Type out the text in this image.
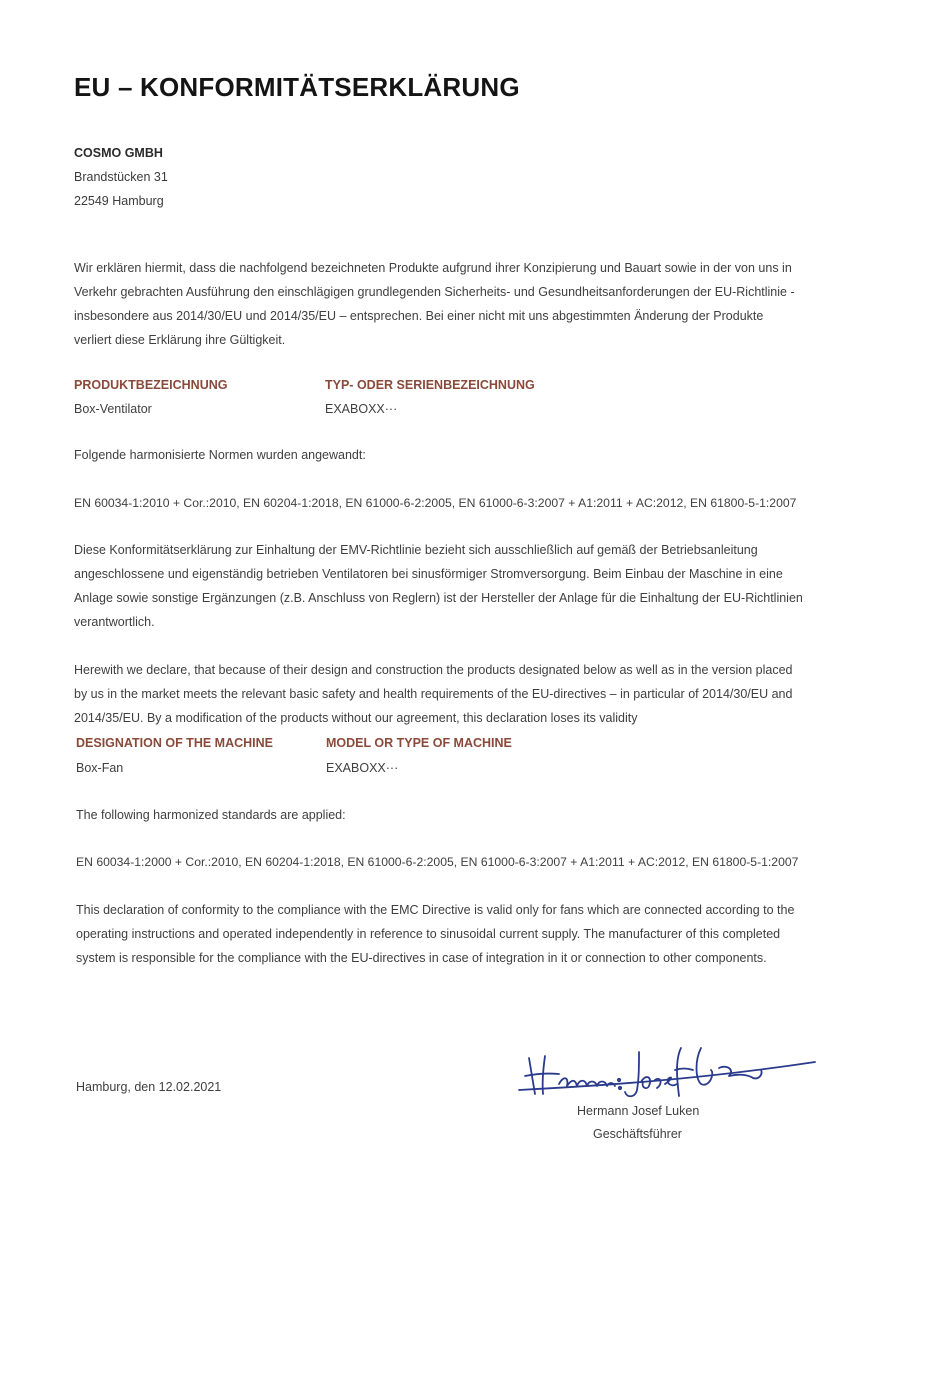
EU – KONFORMITÄTSERKLÄRUNG
COSMO GMBH
Brandstücken 31
22549 Hamburg
Wir erklären hiermit, dass die nachfolgend bezeichneten Produkte aufgrund ihrer Konzipierung und Bauart sowie in der von uns in
Verkehr gebrachten Ausführung den einschlägigen grundlegenden Sicherheits- und Gesundheitsanforderungen der EU-Richtlinie -
insbesondere aus 2014/30/EU und 2014/35/EU – entsprechen. Bei einer nicht mit uns abgestimmten Änderung der Produkte
verliert diese Erklärung ihre Gültigkeit.
PRODUKTBEZEICHNUNG	TYP- ODER SERIENBEZEICHNUNG
Box-Ventilator	EXABOXX···
Folgende harmonisierte Normen wurden angewandt:
EN 60034-1:2010 + Cor.:2010, EN 60204-1:2018, EN 61000-6-2:2005, EN 61000-6-3:2007 + A1:2011 + AC:2012, EN 61800-5-1:2007
Diese Konformitätserklärung zur Einhaltung der EMV-Richtlinie bezieht sich ausschließlich auf gemäß der Betriebsanleitung
angeschlossene und eigenständig betrieben Ventilatoren bei sinusförmiger Stromversorgung. Beim Einbau der Maschine in eine
Anlage sowie sonstige Ergänzungen (z.B. Anschluss von Reglern) ist der Hersteller der Anlage für die Einhaltung der EU-Richtlinien
verantwortlich.
Herewith we declare, that because of their design and construction the products designated below as well as in the version placed
by us in the market meets the relevant basic safety and health requirements of the EU-directives – in particular of 2014/30/EU and
2014/35/EU. By a modification of the products without our agreement, this declaration loses its validity
DESIGNATION OF THE MACHINE	MODEL OR TYPE OF MACHINE
Box-Fan	EXABOXX···
The following harmonized standards are applied:
EN 60034-1:2000 + Cor.:2010, EN 60204-1:2018, EN 61000-6-2:2005, EN 61000-6-3:2007 + A1:2011 + AC:2012, EN 61800-5-1:2007
This declaration of conformity to the compliance with the EMC Directive is valid only for fans which are connected according to the
operating instructions and operated independently in reference to sinusoidal current supply. The manufacturer of this completed
system is responsible for the compliance with the EU-directives in case of integration in it or connection to other components.
Hamburg, den 12.02.2021
Hermann Josef Luken
Geschäftsführer
